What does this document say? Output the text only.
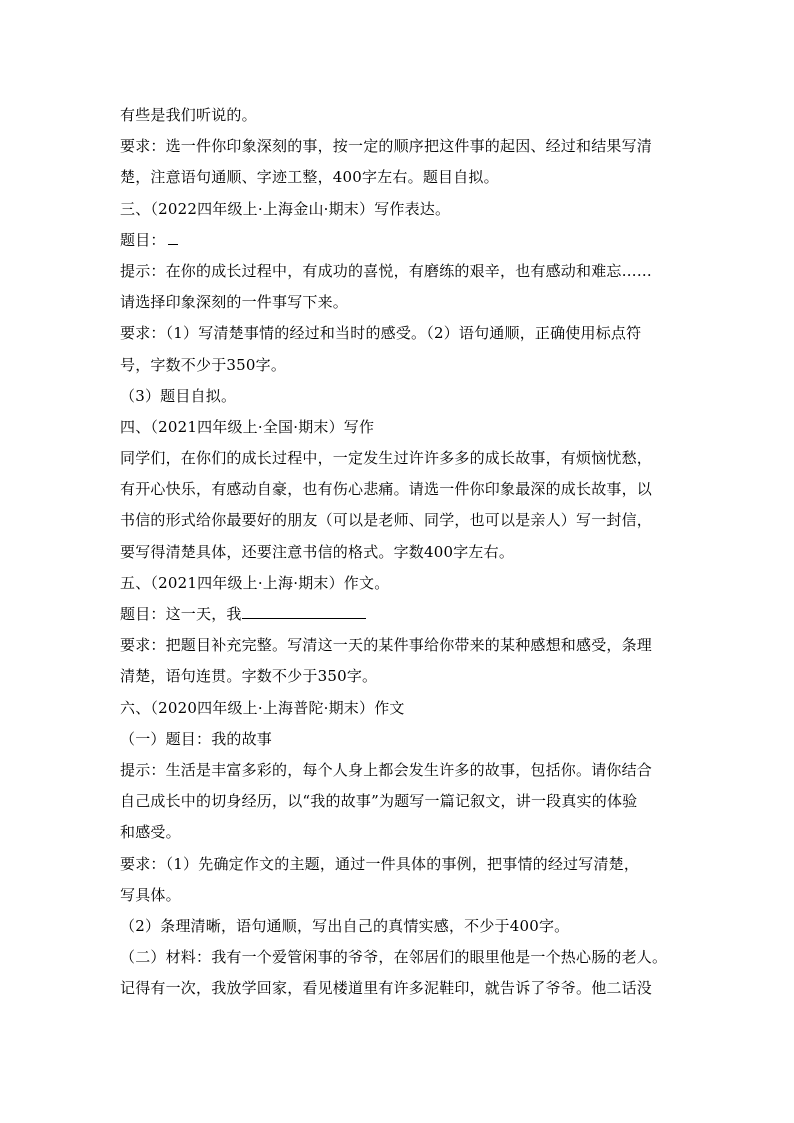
有些是我们听说的。
要求：选一件你印象深刻的事，按一定的顺序把这件事的起因、经过和结果写清
楚，注意语句通顺、字迹工整，400字左右。题目自拟。
三、（2022四年级上·上海金山·期末）写作表达。
题目：
提示：在你的成长过程中，有成功的喜悦，有磨练的艰辛，也有感动和难忘……
请选择印象深刻的一件事写下来。
要求：（1）写清楚事情的经过和当时的感受。（2）语句通顺，正确使用标点符
号，字数不少于350字。
（3）题目自拟。
四、（2021四年级上·全国·期末）写作
同学们，在你们的成长过程中，一定发生过许许多多的成长故事，有烦恼忧愁，
有开心快乐，有感动自豪，也有伤心悲痛。请选一件你印象最深的成长故事，以
书信的形式给你最要好的朋友（可以是老师、同学，也可以是亲人）写一封信，
要写得清楚具体，还要注意书信的格式。字数400字左右。
五、（2021四年级上·上海·期末）作文。
题目：这一天，我
要求：把题目补充完整。写清这一天的某件事给你带来的某种感想和感受，条理
清楚，语句连贯。字数不少于350字。
六、（2020四年级上·上海普陀·期末）作文
（一）题目：我的故事
提示：生活是丰富多彩的，每个人身上都会发生许多的故事，包括你。请你结合
自己成长中的切身经历，以“我的故事”为题写一篇记叙文，讲一段真实的体验
和感受。
要求：（1）先确定作文的主题，通过一件具体的事例，把事情的经过写清楚，
写具体。
（2）条理清晰，语句通顺，写出自己的真情实感，不少于400字。
（二）材料：我有一个爱管闲事的爷爷，在邻居们的眼里他是一个热心肠的老人。
记得有一次，我放学回家，看见楼道里有许多泥鞋印，就告诉了爷爷。他二话没
